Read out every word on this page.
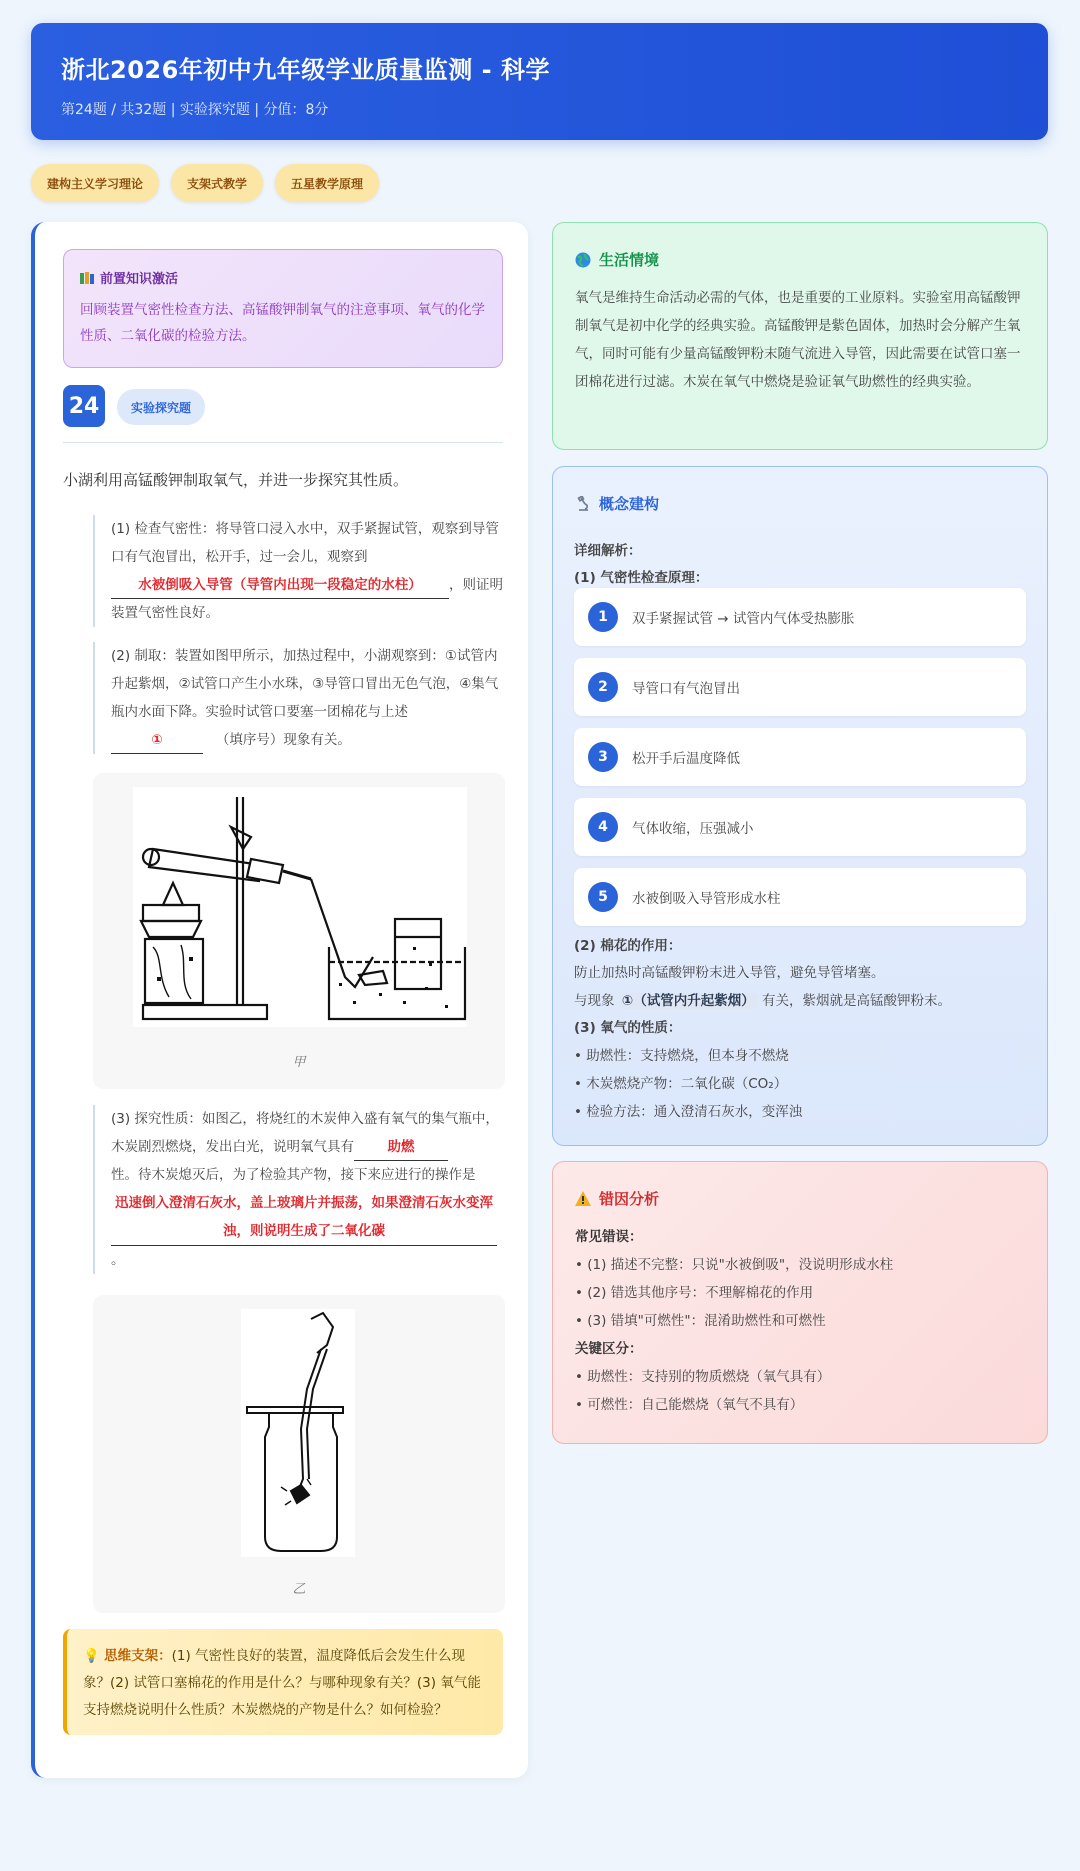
浙北2026年初中九年级学业质量监测 - 科学
第24题 / 共32题 | 实验探究题 | 分值：8分
建构主义学习理论	支架式教学	五星教学原理
前置知识激活
回顾装置气密性检查方法、高锰酸钾制氧气的注意事项、氧气的化学性质、二氧化碳的检验方法。
24	实验探究题
小湖利用高锰酸钾制取氧气，并进一步探究其性质。
(1) 检查气密性：将导管口浸入水中，双手紧握试管，观察到导管口有气泡冒出，松开手，过一会儿，观察到
水被倒吸入导管（导管内出现一段稳定的水柱） ，则证明装置气密性良好。
(2) 制取：装置如图甲所示，加热过程中，小湖观察到：①试管内升起紫烟，②试管口产生小水珠，③导管口冒出无色气泡，④集气瓶内水面下降。实验时试管口要塞一团棉花与上述
①	（填序号）现象有关。
甲
(3) 探究性质：如图乙，将烧红的木炭伸入盛有氧气的集气瓶中，木炭剧烈燃烧，发出白光，说明氧气具有 助燃
性。待木炭熄灭后，为了检验其产物，接下来应进行的操作是
迅速倒入澄清石灰水，盖上玻璃片并振荡，如果澄清石灰水变浑浊，则说明生成了二氧化碳
。
乙
💡 思维支架：(1) 气密性良好的装置，温度降低后会发生什么现象？(2) 试管口塞棉花的作用是什么？与哪种现象有关？(3) 氧气能支持燃烧说明什么性质？木炭燃烧的产物是什么？如何检验？
生活情境
氧气是维持生命活动必需的气体，也是重要的工业原料。实验室用高锰酸钾制氧气是初中化学的经典实验。高锰酸钾是紫色固体，加热时会分解产生氧气，同时可能有少量高锰酸钾粉末随气流进入导管，因此需要在试管口塞一团棉花进行过滤。木炭在氧气中燃烧是验证氧气助燃性的经典实验。
概念建构
详细解析：
(1) 气密性检查原理：
1	双手紧握试管 → 试管内气体受热膨胀
2	导管口有气泡冒出
3	松开手后温度降低
4	气体收缩，压强减小
5	水被倒吸入导管形成水柱
(2) 棉花的作用：
防止加热时高锰酸钾粉末进入导管，避免导管堵塞。
与现象 ①（试管内升起紫烟） 有关，紫烟就是高锰酸钾粉末。
(3) 氧气的性质：
• 助燃性：支持燃烧，但本身不燃烧
• 木炭燃烧产物：二氧化碳（CO₂）
• 检验方法：通入澄清石灰水，变浑浊
错因分析
常见错误：
• (1) 描述不完整：只说"水被倒吸"，没说明形成水柱
• (2) 错选其他序号：不理解棉花的作用
• (3) 错填"可燃性"：混淆助燃性和可燃性
关键区分：
• 助燃性：支持别的物质燃烧（氧气具有）
• 可燃性：自己能燃烧（氧气不具有）
